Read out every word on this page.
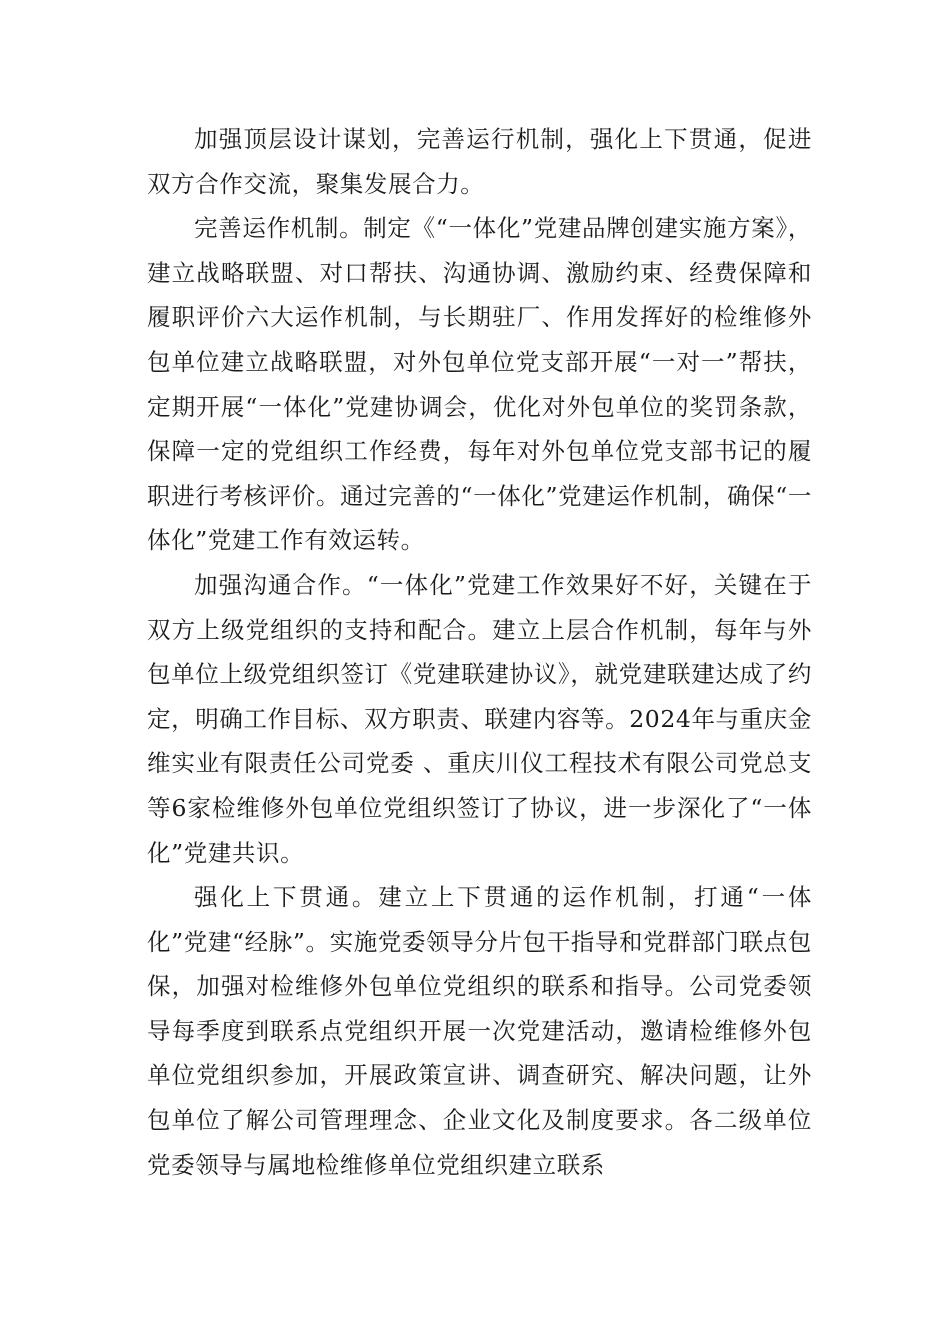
加强顶层设计谋划，完善运行机制，强化上下贯通，促进双方合作交流，聚集发展合力。

完善运作机制。制定《“一体化”党建品牌创建实施方案》，建立战略联盟、对口帮扶、沟通协调、激励约束、经费保障和履职评价六大运作机制，与长期驻厂、作用发挥好的检维修外包单位建立战略联盟，对外包单位党支部开展“一对一”帮扶，定期开展“一体化”党建协调会，优化对外包单位的奖罚条款，保障一定的党组织工作经费，每年对外包单位党支部书记的履职进行考核评价。通过完善的“一体化”党建运作机制，确保“一体化”党建工作有效运转。

加强沟通合作。“一体化”党建工作效果好不好，关键在于双方上级党组织的支持和配合。建立上层合作机制，每年与外包单位上级党组织签订《党建联建协议》，就党建联建达成了约定，明确工作目标、双方职责、联建内容等。2024年与重庆金维实业有限责任公司党委 、重庆川仪工程技术有限公司党总支等6家检维修外包单位党组织签订了协议，进一步深化了“一体化”党建共识。

强化上下贯通。建立上下贯通的运作机制，打通“一体化”党建“经脉”。实施党委领导分片包干指导和党群部门联点包保，加强对检维修外包单位党组织的联系和指导。公司党委领导每季度到联系点党组织开展一次党建活动，邀请检维修外包单位党组织参加，开展政策宣讲、调查研究、解决问题，让外包单位了解公司管理理念、企业文化及制度要求。各二级单位党委领导与属地检维修单位党组织建立联系
